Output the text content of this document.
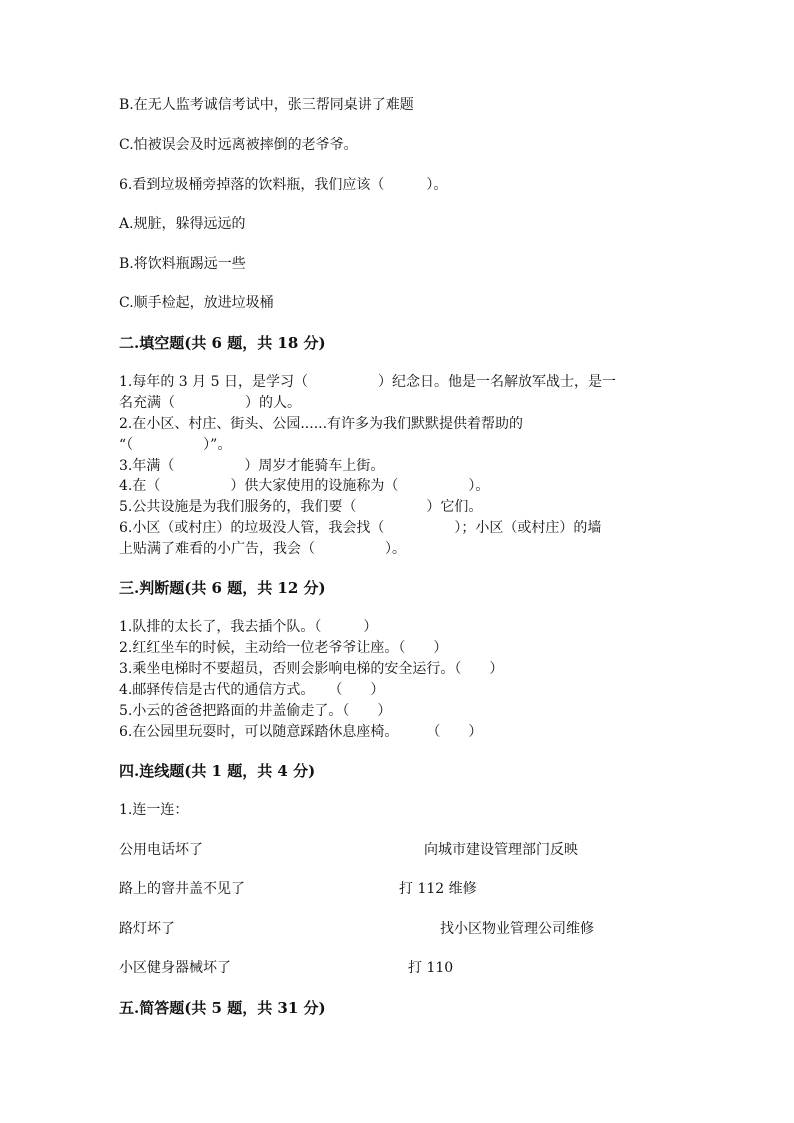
B.在无人监考诚信考试中，张三帮同桌讲了难题
C.怕被误会及时远离被摔倒的老爷爷。
6.看到垃圾桶旁掉落的饮料瓶，我们应该（　　　）。
A.规脏，躲得远远的
B.将饮料瓶踢远一些
C.顺手检起，放进垃圾桶
二.填空题(共 6 题，共 18 分)
1.每年的 3 月 5 日，是学习（　　　　　）纪念日。他是一名解放军战士，是一
名充满（　　　　　）的人。
2.在小区、村庄、街头、公园......有许多为我们默默提供着帮助的
“（　　　　　）”。
3.年满（　　　　　）周岁才能骑车上街。
4.在（　　　　　）供大家使用的设施称为（　　　　　）。
5.公共设施是为我们服务的，我们要（　　　　　）它们。
6.小区（或村庄）的垃圾没人管，我会找（　　　　　）；小区（或村庄）的墙
上贴满了难看的小广告，我会（　　　　　）。
三.判断题(共 6 题，共 12 分)
1.队排的太长了，我去插个队。（　　　）
2.红红坐车的时候，主动给一位老爷爷让座。（　　）
3.乘坐电梯时不要超员，否则会影响电梯的安全运行。（　　）
4.邮驿传信是古代的通信方式。　　（　　）
5.小云的爸爸把路面的井盖偷走了。（　　）
6.在公园里玩耍时，可以随意踩踏休息座椅。　　　（　　）
四.连线题(共 1 题，共 4 分)
1.连一连：
公用电话坏了	向城市建设管理部门反映
路上的窨井盖不见了	打 112 维修
路灯坏了	找小区物业管理公司维修
小区健身器械坏了	打 110
五.简答题(共 5 题，共 31 分)
